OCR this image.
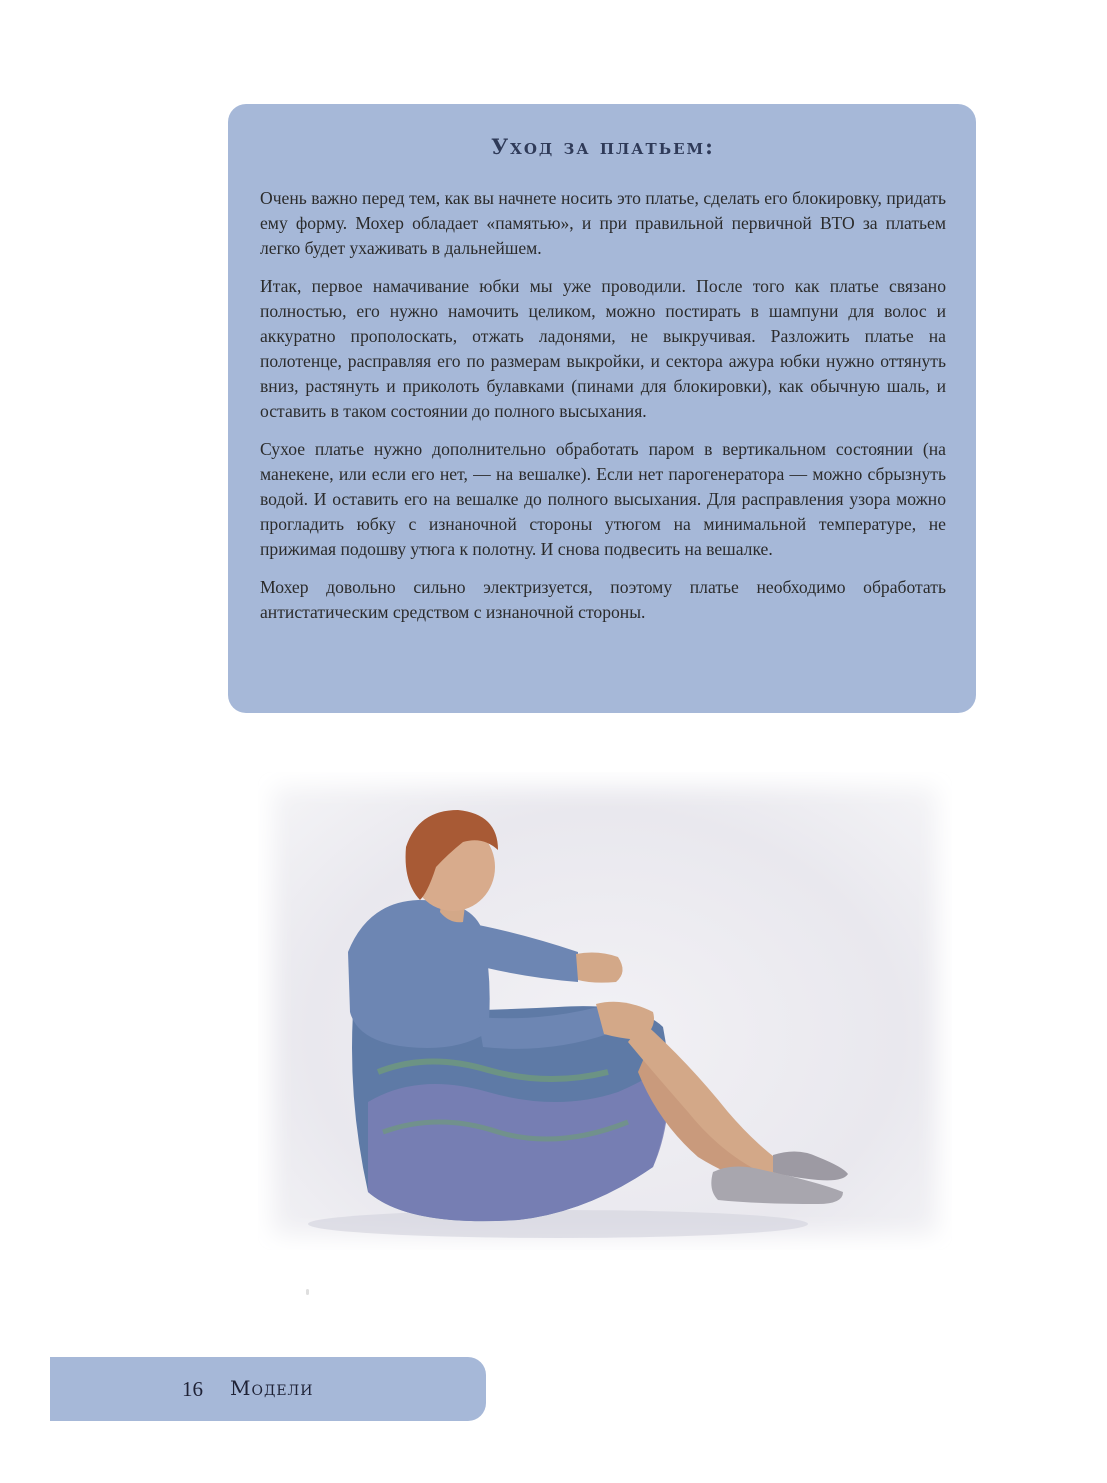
Уход за платьем:

Очень важно перед тем, как вы начнете носить это платье, сделать его блокировку, придать ему форму. Мохер обладает «памятью», и при правильной первичной ВТО за платьем легко будет ухаживать в дальнейшем.

Итак, первое намачивание юбки мы уже проводили. После того как платье связано полностью, его нужно намочить целиком, можно постирать в шампуни для волос и аккуратно прополоскать, отжать ладонями, не выкручивая. Разложить платье на полотенце, расправляя его по размерам выкройки, и сектора ажура юбки нужно оттянуть вниз, растянуть и приколоть булавками (пинами для блокировки), как обычную шаль, и оставить в таком состоянии до полного высыхания.

Сухое платье нужно дополнительно обработать паром в вертикальном состоянии (на манекене, или если его нет, — на вешалке). Если нет парогенератора — можно сбрызнуть водой. И оставить его на вешалке до полного высыхания. Для расправления узора можно прогладить юбку с изнаночной стороны утюгом на минимальной температуре, не прижимая подошву утюга к полотну. И снова подвесить на вешалке.

Мохер довольно сильно электризуется, поэтому платье необходимо обработать антистатическим средством с изнаночной стороны.

16 Модели
